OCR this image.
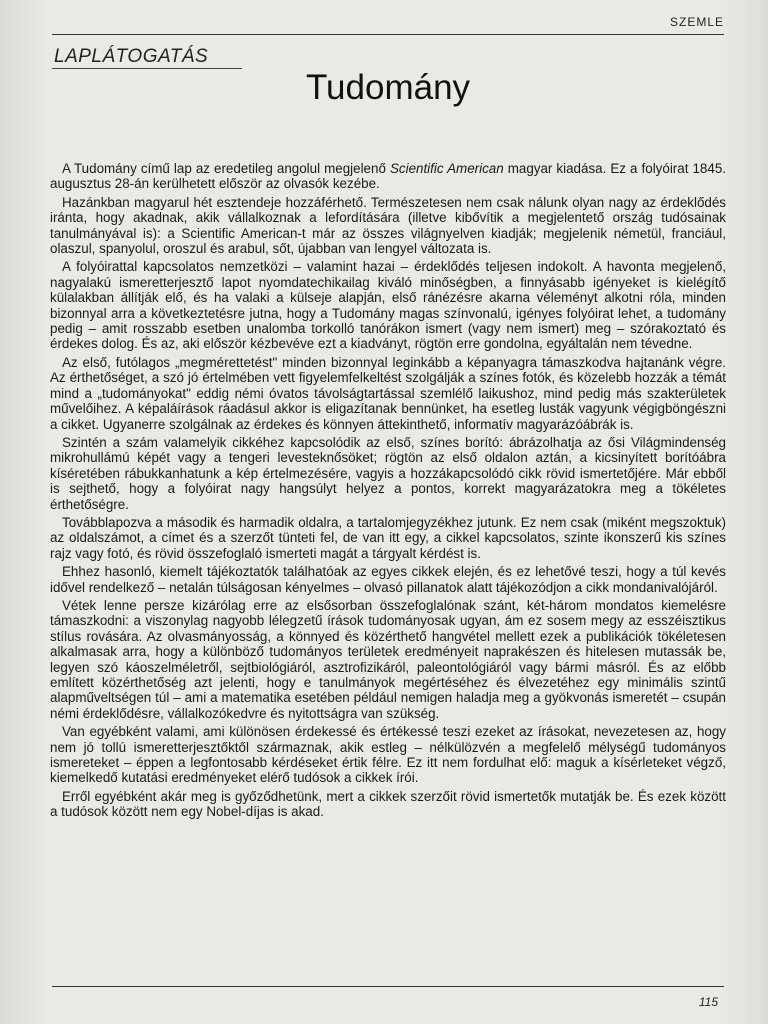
SZEMLE
LAPLÁTOGATÁS
Tudomány

A Tudomány című lap az eredetileg angolul megjelenő Scientific American magyar kiadása. Ez a folyóirat 1845. augusztus 28-án kerülhetett először az olvasók kezébe.

Hazánkban magyarul hét esztendeje hozzáférhető. Természetesen nem csak nálunk olyan nagy az érdeklődés iránta, hogy akadnak, akik vállalkoznak a lefordítására (illetve kibővítik a megjelentető ország tudósainak tanulmányával is): a Scientific American-t már az összes világnyelven kiadják; megjelenik németül, franciául, olaszul, spanyolul, oroszul és arabul, sőt, újabban van lengyel változata is.

A folyóirattal kapcsolatos nemzetközi – valamint hazai – érdeklődés teljesen indokolt. A havonta megjelenő, nagyalakú ismeretterjesztő lapot nyomdatechikailag kiváló minőségben, a finnyásabb igényeket is kielégítő külalakban állítják elő, és ha valaki a külseje alapján, első ránézésre akarna véleményt alkotni róla, minden bizonnyal arra a következtetésre jutna, hogy a Tudomány magas színvonalú, igényes folyóirat lehet, a tudomány pedig – amit rosszabb esetben unalomba torkolló tanórákon ismert (vagy nem ismert) meg – szórakoztató és érdekes dolog. És az, aki először kézbevéve ezt a kiadványt, rögtön erre gondolna, egyáltalán nem tévedne.

Az első, futólagos „megmérettetést" minden bizonnyal leginkább a képanyagra támaszkodva hajtanánk végre. Az érthetőséget, a szó jó értelmében vett figyelemfelkeltést szolgálják a színes fotók, és közelebb hozzák a témát mind a „tudományokat" eddig némi óvatos távolságtartással szemlélő laikushoz, mind pedig más szakterületek művelőihez. A képaláírások ráadásul akkor is eligazítanak bennünket, ha esetleg lusták vagyunk végigböngészni a cikket. Ugyanerre szolgálnak az érdekes és könnyen áttekinthető, informatív magyarázóábrák is.

Szintén a szám valamelyik cikkéhez kapcsolódik az első, színes borító: ábrázolhatja az ősi Világmindenség mikrohullámú képét vagy a tengeri levesteknősöket; rögtön az első oldalon aztán, a kicsinyített borítóábra kíséretében rábukkanhatunk a kép értelmezésére, vagyis a hozzákapcsolódó cikk rövid ismertetőjére. Már ebből is sejthető, hogy a folyóirat nagy hangsúlyt helyez a pontos, korrekt magyarázatokra meg a tökéletes érthetőségre.

Továbblapozva a második és harmadik oldalra, a tartalomjegyzékhez jutunk. Ez nem csak (miként megszoktuk) az oldalszámot, a címet és a szerzőt tünteti fel, de van itt egy, a cikkel kapcsolatos, szinte ikonszerű kis színes rajz vagy fotó, és rövid összefoglaló ismerteti magát a tárgyalt kérdést is.

Ehhez hasonló, kiemelt tájékoztatók találhatóak az egyes cikkek elején, és ez lehetővé teszi, hogy a túl kevés idővel rendelkező – netalán túlságosan kényelmes – olvasó pillanatok alatt tájékozódjon a cikk mondanivalójáról.

Vétek lenne persze kizárólag erre az elsősorban összefoglalónak szánt, két-három mondatos kiemelésre támaszkodni: a viszonylag nagyobb lélegzetű írások tudományosak ugyan, ám ez sosem megy az esszéisztikus stílus rovására. Az olvasmányosság, a könnyed és közérthető hangvétel mellett ezek a publikációk tökéletesen alkalmasak arra, hogy a különböző tudományos területek eredményeit naprakészen és hitelesen mutassák be, legyen szó káoszelméletről, sejtbiológiáról, asztrofizikáról, paleontológiáról vagy bármi másról. És az előbb említett közérthetőség azt jelenti, hogy e tanulmányok megértéséhez és élvezetéhez egy minimális szintű alapműveltségen túl – ami a matematika esetében például nemigen haladja meg a gyökvonás ismeretét – csupán némi érdeklődésre, vállalkozókedvre és nyitottságra van szükség.

Van egyébként valami, ami különösen érdekessé és értékessé teszi ezeket az írásokat, nevezetesen az, hogy nem jó tollú ismeretterjesztőktől származnak, akik estleg – nélkülözvén a megfelelő mélységű tudományos ismereteket – éppen a legfontosabb kérdéseket értik félre. Ez itt nem fordulhat elő: maguk a kísérleteket végző, kiemelkedő kutatási eredményeket elérő tudósok a cikkek írói.

Erről egyébként akár meg is győződhetünk, mert a cikkek szerzőit rövid ismertetők mutatják be. És ezek között a tudósok között nem egy Nobel-díjas is akad.

115
